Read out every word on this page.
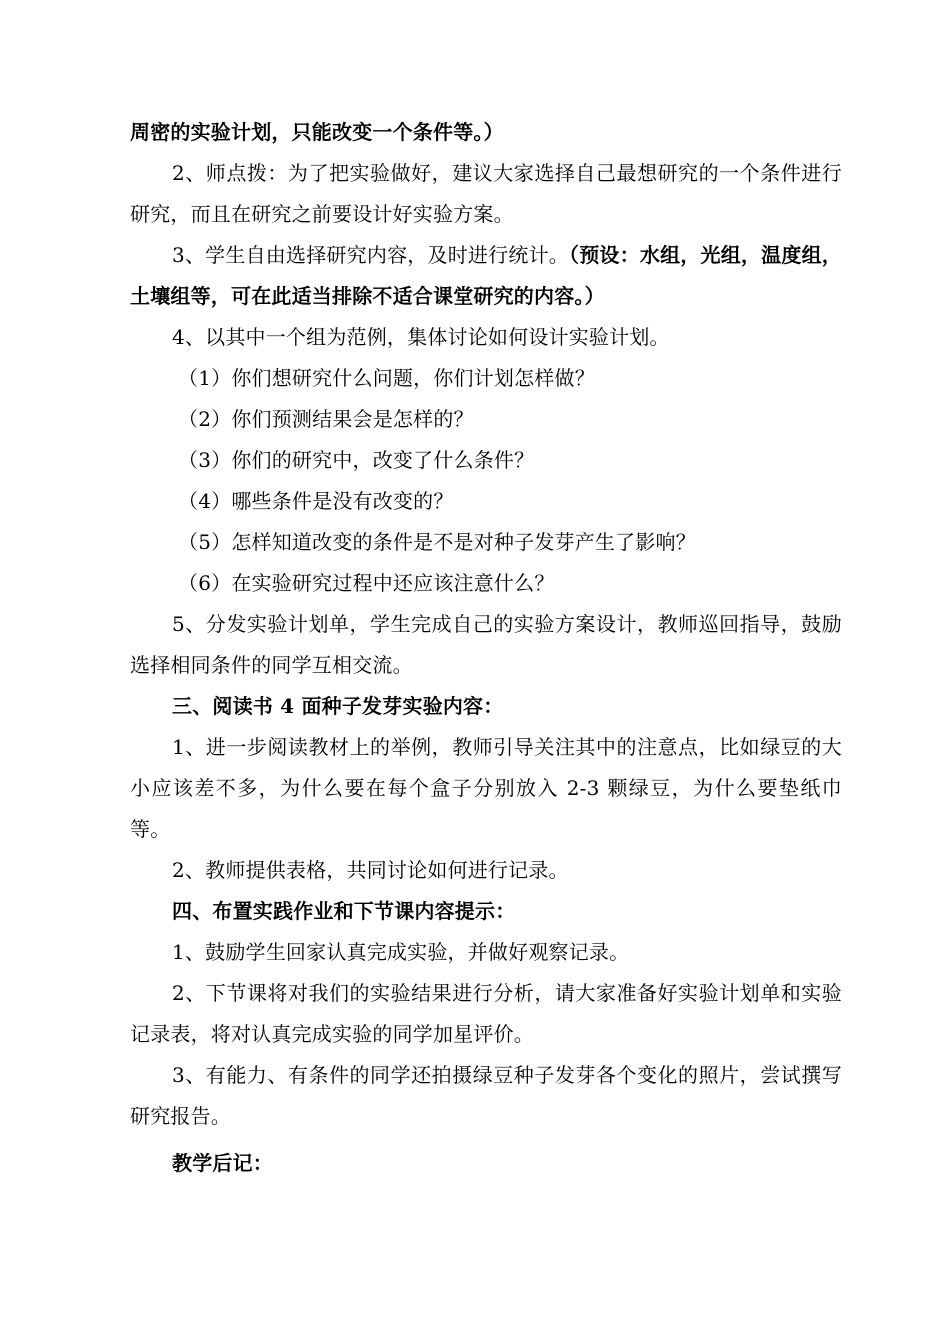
周密的实验计划，只能改变一个条件等。）

2、师点拨：为了把实验做好，建议大家选择自己最想研究的一个条件进行研究，而且在研究之前要设计好实验方案。

3、学生自由选择研究内容，及时进行统计。（预设：水组，光组，温度组，土壤组等，可在此适当排除不适合课堂研究的内容。）

4、以其中一个组为范例，集体讨论如何设计实验计划。

（1）你们想研究什么问题，你们计划怎样做？

（2）你们预测结果会是怎样的？

（3）你们的研究中，改变了什么条件？

（4）哪些条件是没有改变的？

（5）怎样知道改变的条件是不是对种子发芽产生了影响？

（6）在实验研究过程中还应该注意什么？

5、分发实验计划单，学生完成自己的实验方案设计，教师巡回指导，鼓励选择相同条件的同学互相交流。

三、阅读书 4 面种子发芽实验内容：

1、进一步阅读教材上的举例，教师引导关注其中的注意点，比如绿豆的大小应该差不多，为什么要在每个盒子分别放入 2-3 颗绿豆，为什么要垫纸巾等。

2、教师提供表格，共同讨论如何进行记录。

四、布置实践作业和下节课内容提示：

1、鼓励学生回家认真完成实验，并做好观察记录。

2、下节课将对我们的实验结果进行分析，请大家准备好实验计划单和实验记录表，将对认真完成实验的同学加星评价。

3、有能力、有条件的同学还拍摄绿豆种子发芽各个变化的照片，尝试撰写研究报告。

教学后记：
